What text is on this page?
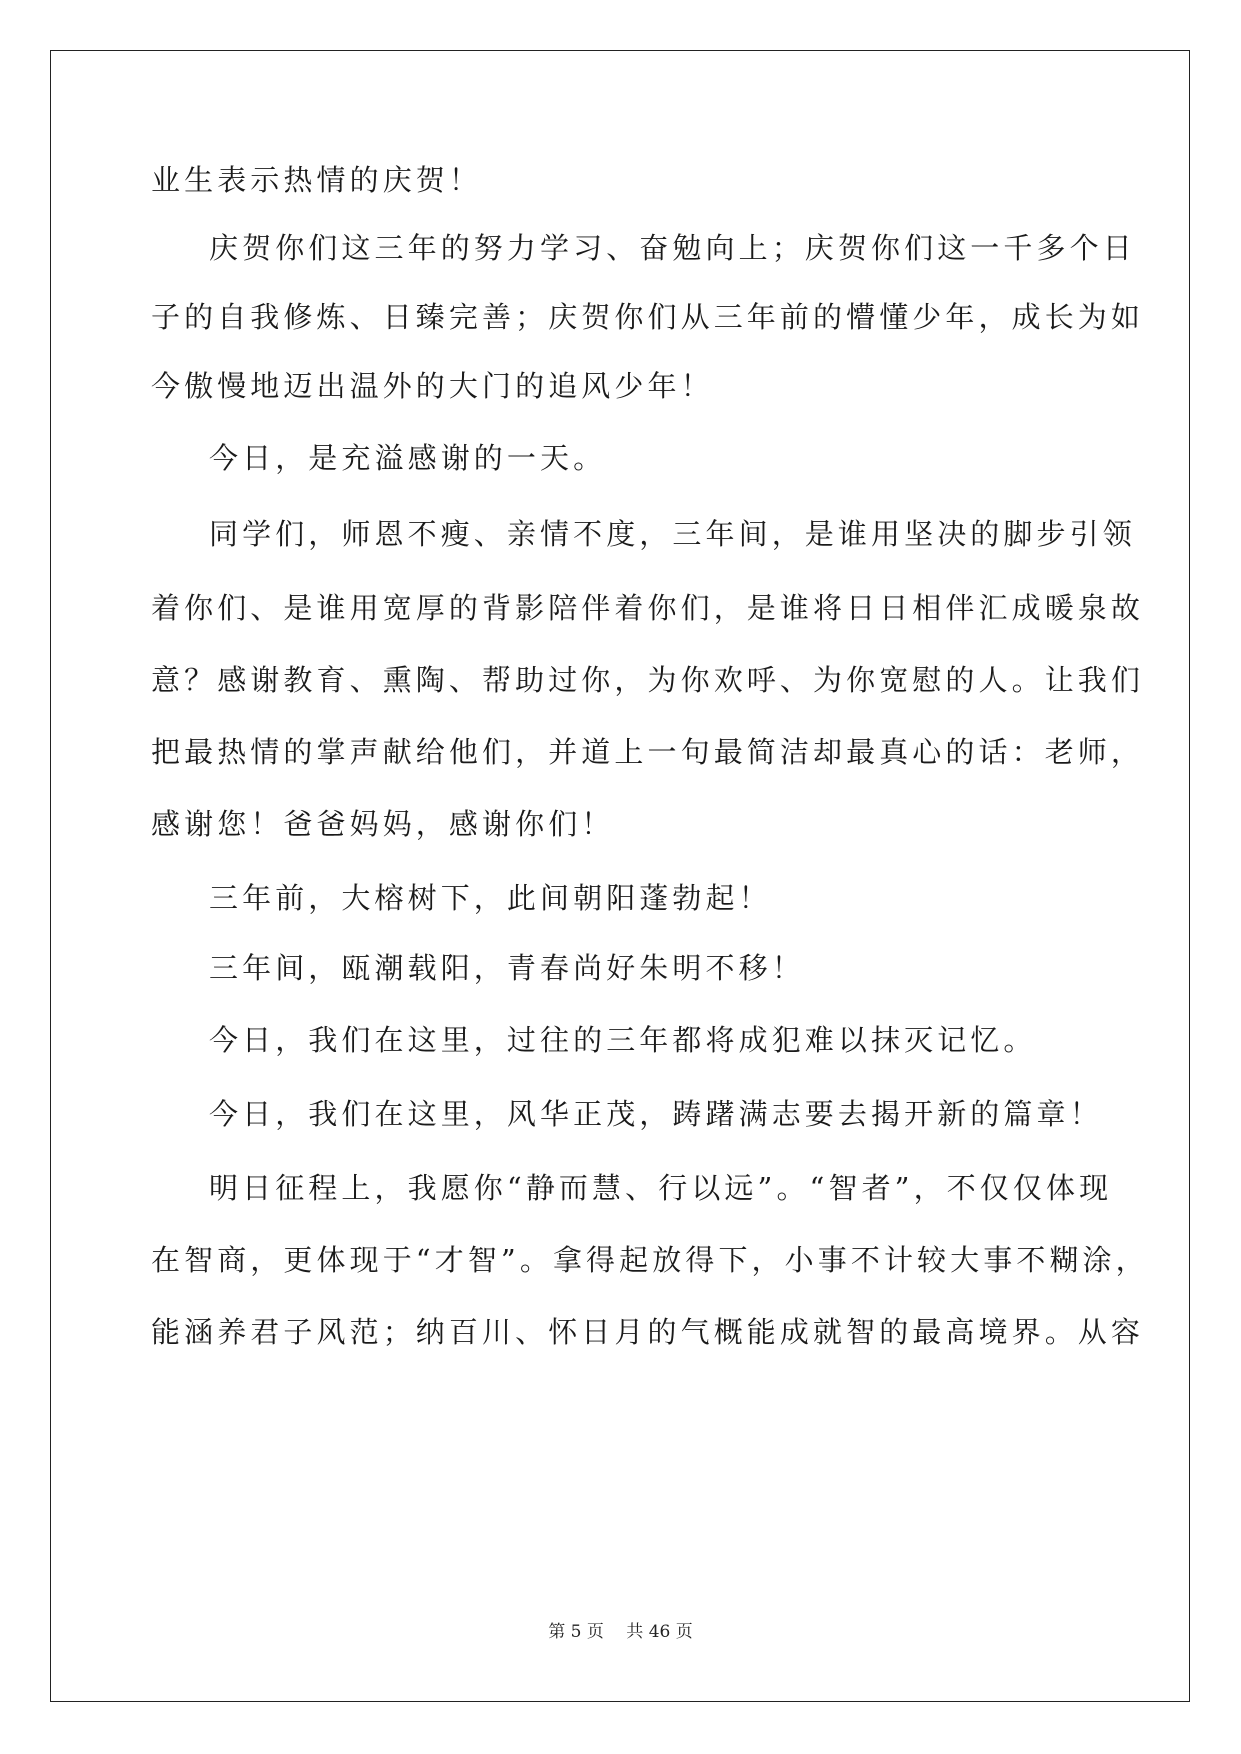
业生表示热情的庆贺！
庆贺你们这三年的努力学习、奋勉向上；庆贺你们这一千多个日
子的自我修炼、日臻完善；庆贺你们从三年前的懵懂少年，成长为如
今傲慢地迈出温外的大门的追风少年！
今日，是充溢感谢的一天。
同学们，师恩不瘦、亲情不度，三年间，是谁用坚决的脚步引领
着你们、是谁用宽厚的背影陪伴着你们，是谁将日日相伴汇成暖泉故
意？感谢教育、熏陶、帮助过你，为你欢呼、为你宽慰的人。让我们
把最热情的掌声献给他们，并道上一句最简洁却最真心的话：老师，
感谢您！爸爸妈妈，感谢你们！
三年前，大榕树下，此间朝阳蓬勃起！
三年间，瓯潮载阳，青春尚好朱明不移！
今日，我们在这里，过往的三年都将成犯难以抹灭记忆。
今日，我们在这里，风华正茂，踌躇满志要去揭开新的篇章！
明日征程上，我愿你“静而慧、行以远”。“智者”，不仅仅体现
在智商，更体现于“才智”。拿得起放得下，小事不计较大事不糊涂，
能涵养君子风范；纳百川、怀日月的气概能成就智的最高境界。从容
第 5 页　 共 46 页
